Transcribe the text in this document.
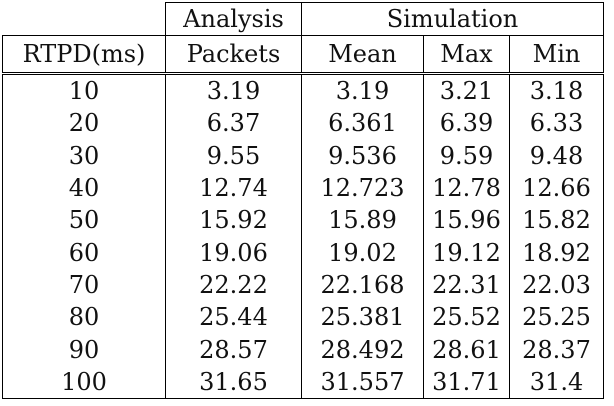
	Analysis	Simulation		
RTPD(ms)	Packets	Mean	Max	Min
10	3.19	3.19	3.21	3.18
20	6.37	6.361	6.39	6.33
30	9.55	9.536	9.59	9.48
40	12.74	12.723	12.78	12.66
50	15.92	15.89	15.96	15.82
60	19.06	19.02	19.12	18.92
70	22.22	22.168	22.31	22.03
80	25.44	25.381	25.52	25.25
90	28.57	28.492	28.61	28.37
100	31.65	31.557	31.71	31.4
